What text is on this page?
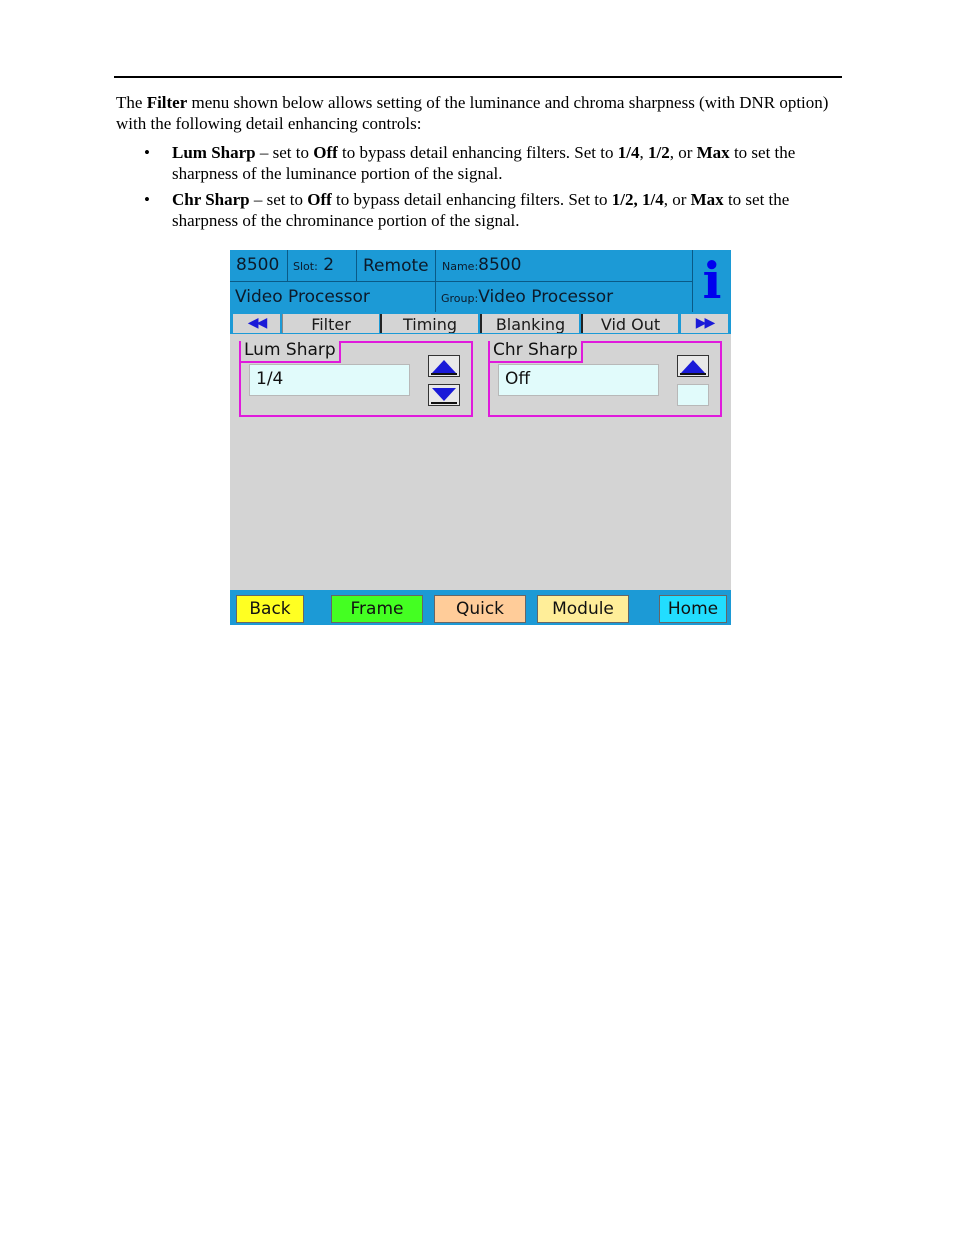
The Filter menu shown below allows setting of the luminance and chroma sharpness (with DNR option) with the following detail enhancing controls:

• Lum Sharp – set to Off to bypass detail enhancing filters. Set to 1/4, 1/2, or Max to set the sharpness of the luminance portion of the signal.
• Chr Sharp – set to Off to bypass detail enhancing filters. Set to 1/2, 1/4, or Max to set the sharpness of the chrominance portion of the signal.
8500 Slot: 2 Remote Name:8500
Video Processor	Group:Video Processor i
◀◀	Filter	Timing	Blanking	Vid Out	▶▶
Lum Sharp
1/4
Chr Sharp
Off
Back	Frame	Quick	Module	Home
